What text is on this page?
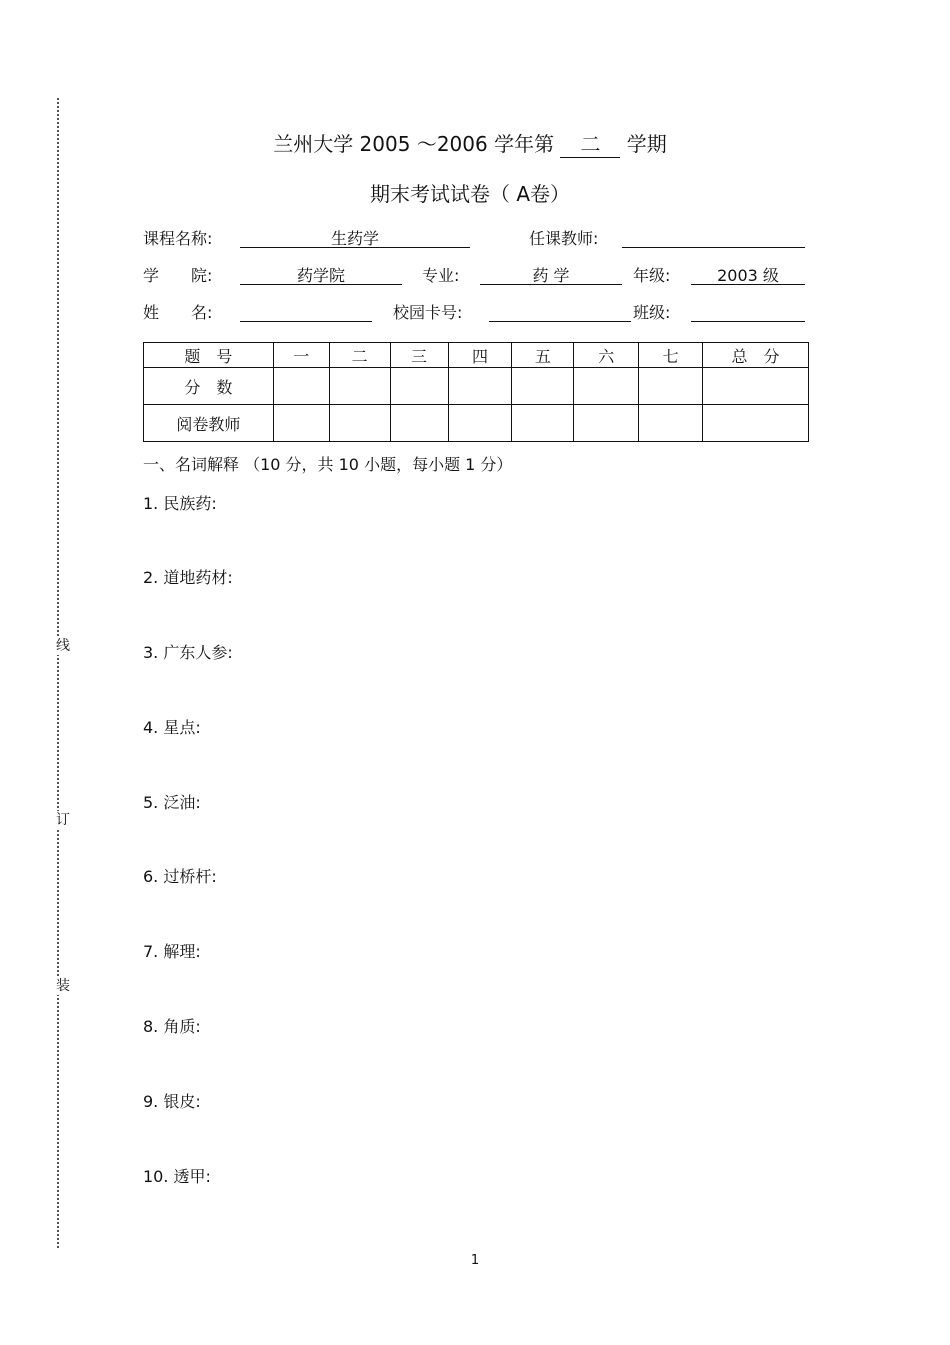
线
订
装
兰州大学 2005 ～2006 学年第 二 学期
期末考试试卷（ A卷）
课程名称:	生药学	任课教师:
学　　院:	药学院	专业:	药 学	年级:	2003 级
姓　　名:	校园卡号:	班级:
题　号	一	二	三	四	五	六	七	总　分
分　数								
阅卷教师								
一、名词解释 （10 分，共 10 小题，每小题 1 分）
1. 民族药:
2. 道地药材:
3. 广东人参:
4. 星点:
5. 泛油:
6. 过桥杆:
7. 解理:
8. 角质:
9. 银皮:
10. 透甲:
1
